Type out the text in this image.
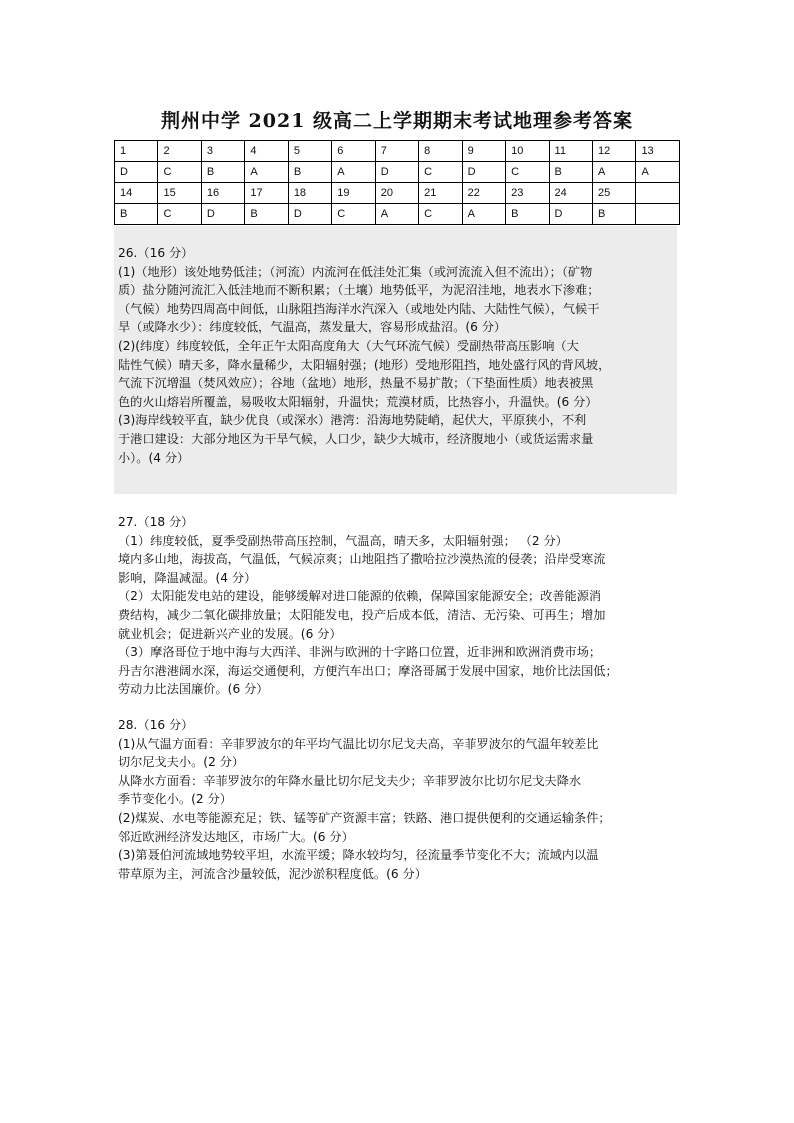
荆州中学 2021 级高二上学期期末考试地理参考答案
1	2	3	4	5	6	7	8	9	10	11	12	13
D	C	B	A	B	A	D	C	D	C	B	A	A
14	15	16	17	18	19	20	21	22	23	24	25	
B	C	D	B	D	C	A	C	A	B	D	B	
26.（16 分）
(1)（地形）该处地势低洼；（河流）内流河在低洼处汇集（或河流流入但不流出）；（矿物
质）盐分随河流汇入低洼地而不断积累；（土壤）地势低平，为泥沼洼地，地表水下渗难；
（气候）地势四周高中间低，山脉阻挡海洋水汽深入（或地处内陆、大陆性气候），气候干
旱（或降水少）：纬度较低，气温高，蒸发量大，容易形成盐沼。(6 分）
(2)(纬度）纬度较低，全年正午太阳高度角大（大气环流气候）受副热带高压影响（大
陆性气候）晴天多，降水量稀少，太阳辐射强；(地形）受地形阻挡，地处盛行风的背风坡，
气流下沉增温（焚风效应）；谷地（盆地）地形，热量不易扩散；（下垫面性质）地表被黑
色的火山熔岩所覆盖，易吸收太阳辐射，升温快；荒漠材质，比热容小，升温快。(6 分）
(3)海岸线较平直，缺少优良（或深水）港湾：沿海地势陡峭，起伏大，平原狭小，不利
于港口建设：大部分地区为干旱气候，人口少，缺少大城市，经济腹地小（或货运需求量
小）。(4 分）
27.（18 分）
（1）纬度较低，夏季受副热带高压控制，气温高，晴天多，太阳辐射强； （2 分）
境内多山地，海拔高，气温低，气候凉爽；山地阻挡了撒哈拉沙漠热流的侵袭；沿岸受寒流
影响，降温减湿。(4 分）
（2）太阳能发电站的建设，能够缓解对进口能源的依赖，保障国家能源安全；改善能源消
费结构，减少二氧化碳排放量；太阳能发电，投产后成本低，清洁、无污染、可再生；增加
就业机会；促进新兴产业的发展。(6 分）
（3）摩洛哥位于地中海与大西洋、非洲与欧洲的十字路口位置，近非洲和欧洲消费市场；
丹吉尔港港阔水深，海运交通便利，方便汽车出口；摩洛哥属于发展中国家，地价比法国低；
劳动力比法国廉价。(6 分）
28.（16 分）
(1)从气温方面看：辛菲罗波尔的年平均气温比切尔尼戈夫高，辛菲罗波尔的气温年较差比
切尔尼戈夫小。(2 分）
从降水方面看：辛菲罗波尔的年降水量比切尔尼戈夫少；辛菲罗波尔比切尔尼戈夫降水
季节变化小。(2 分）
(2)煤炭、水电等能源充足；铁、锰等矿产资源丰富；铁路、港口提供便利的交通运输条件；
邻近欧洲经济发达地区，市场广大。(6 分）
(3)第聂伯河流域地势较平坦，水流平缓；降水较均匀，径流量季节变化不大；流域内以温
带草原为主，河流含沙量较低，泥沙淤积程度低。(6 分）
